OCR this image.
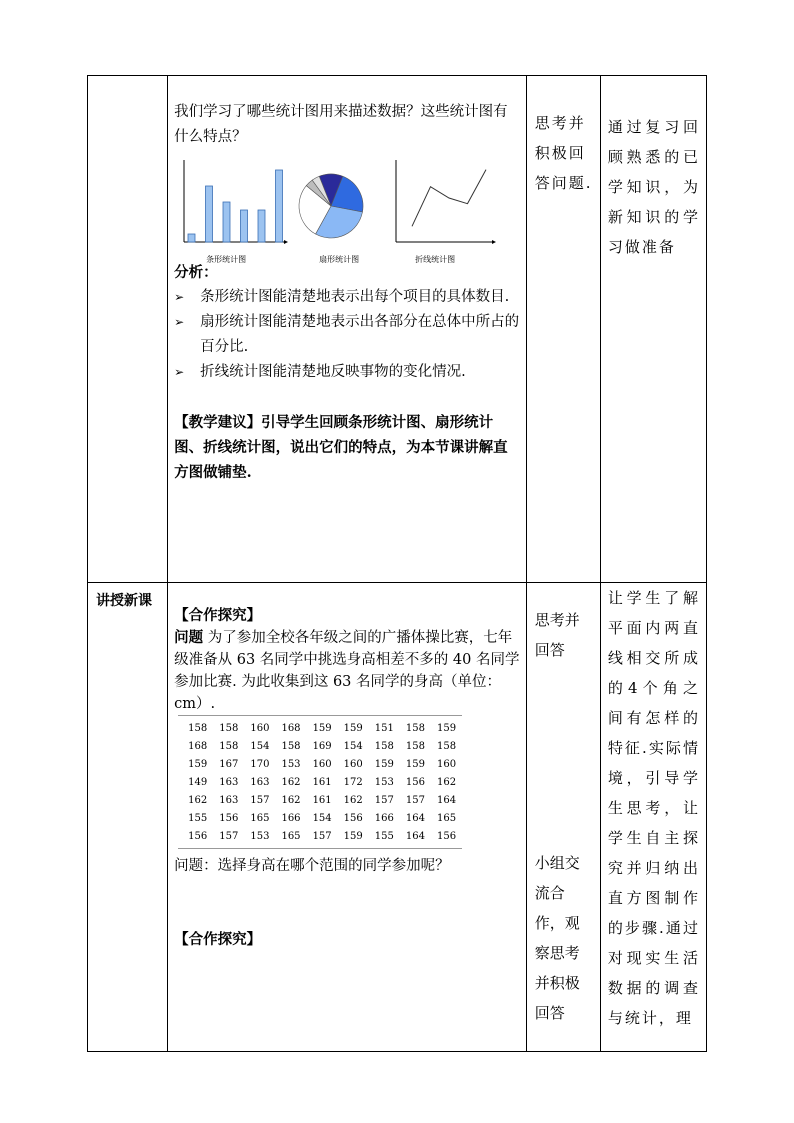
我们学习了哪些统计图用来描述数据？这些统计图有什么特点？

条形统计图	扇形统计图	折线统计图

分析：

➢	条形统计图能清楚地表示出每个项目的具体数目.
➢	扇形统计图能清楚地表示出各部分在总体中所占的百分比.
➢	折线统计图能清楚地反映事物的变化情况.

【教学建议】引导学生回顾条形统计图、扇形统计图、折线统计图，说出它们的特点，为本节课讲解直方图做铺垫.

思考并积极回答问题.

通过复习回顾熟悉的已学知识，为新知识的学习做准备

讲授新课

【合作探究】

问题 为了参加全校各年级之间的广播体操比赛，七年级准备从 63 名同学中挑选身高相差不多的 40 名同学参加比赛. 为此收集到这 63 名同学的身高（单位：cm）.

158	158	160	168	159	159	151	158	159
168	158	154	158	169	154	158	158	158
159	167	170	153	160	160	159	159	160
149	163	163	162	161	172	153	156	162
162	163	157	162	161	162	157	157	164
155	156	165	166	154	156	166	164	165
156	157	153	165	157	159	155	164	156

问题：选择身高在哪个范围的同学参加呢？

【合作探究】

思考并回答
小组交流合作，观察思考并积极回答

让学生了解平面内两直线相交所成的4个角之间有怎样的特征.实际情境，引导学生思考，让学生自主探究并归纳出直方图制作的步骤.通过对现实生活数据的调查与统计，理
